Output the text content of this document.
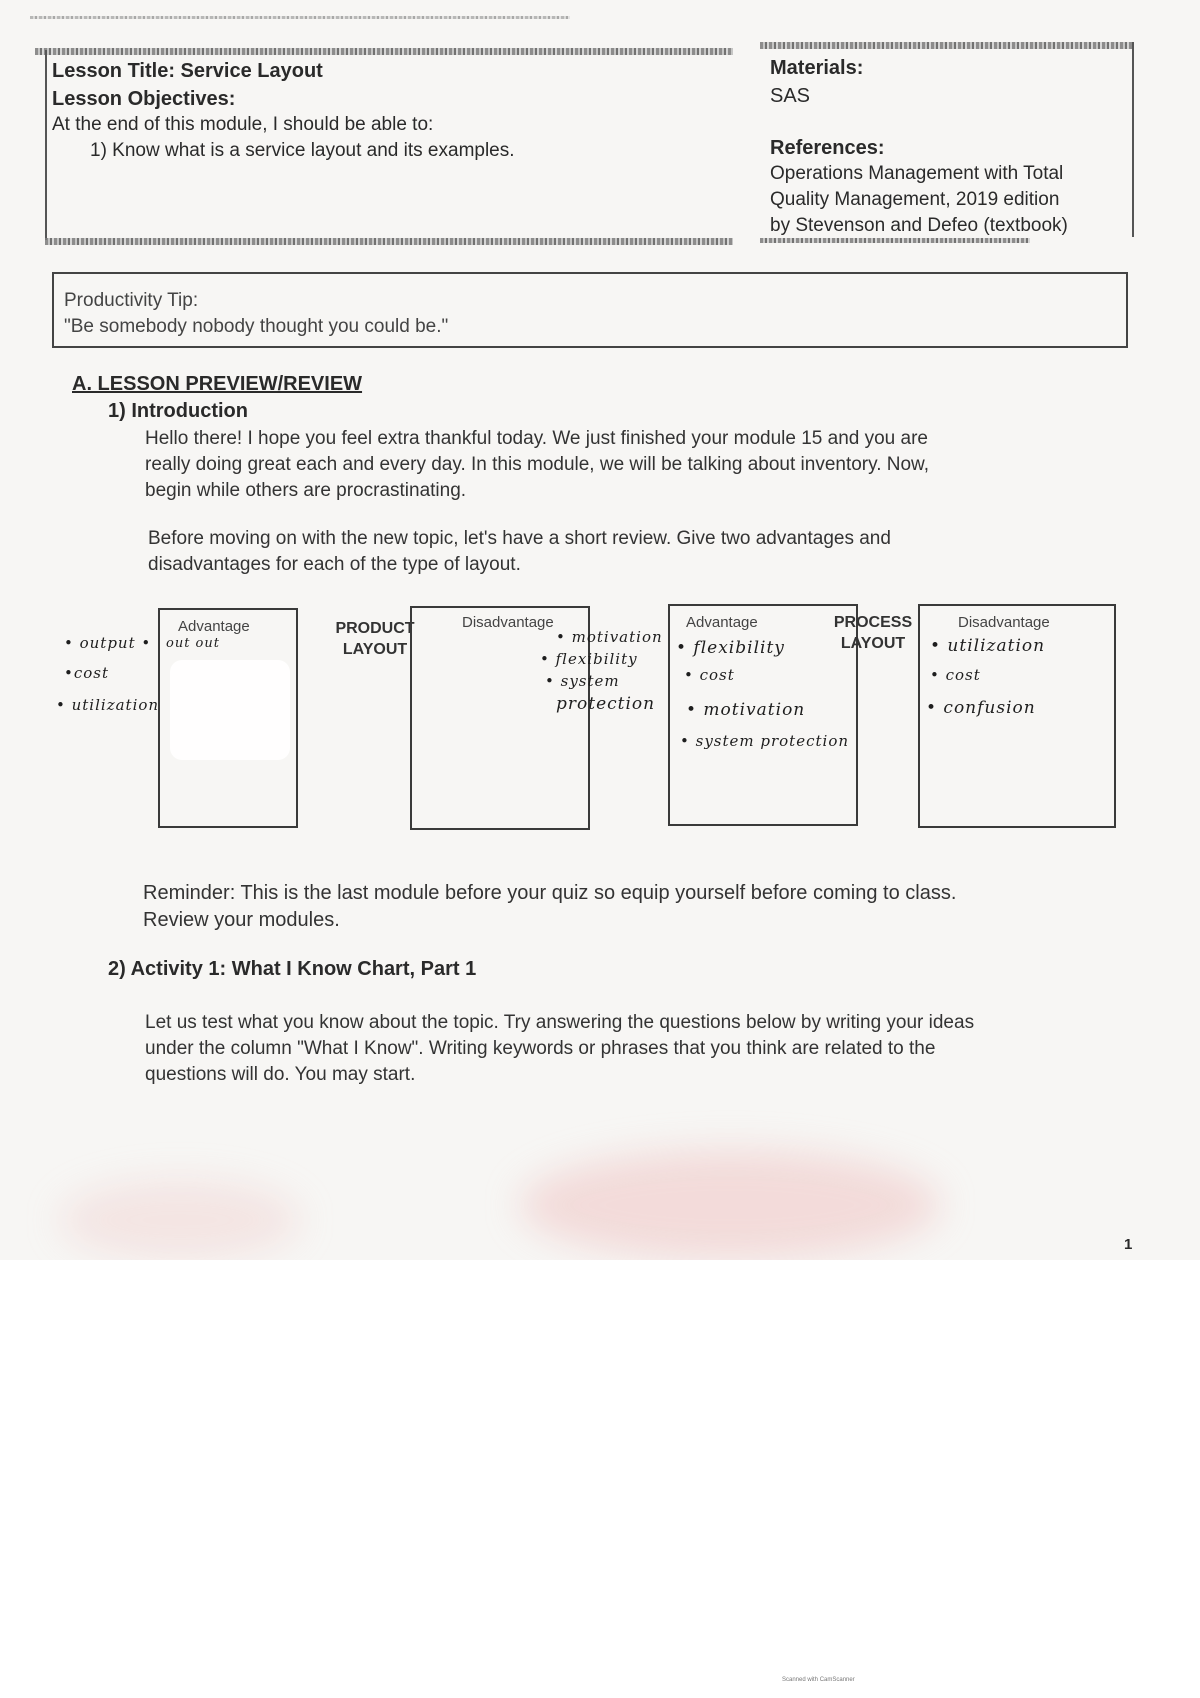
Lesson Title: Service Layout
Lesson Objectives:
At the end of this module, I should be able to:
1) Know what is a service layout and its examples.
Materials:
SAS
References:
Operations Management with Total
Quality Management, 2019 edition
by Stevenson and Defeo (textbook)
Productivity Tip:
"Be somebody nobody thought you could be."
A. LESSON PREVIEW/REVIEW
1) Introduction
Hello there! I hope you feel extra thankful today. We just finished your module 15 and you are
really doing great each and every day. In this module, we will be talking about inventory. Now,
begin while others are procrastinating.
Before moving on with the new topic, let's have a short review. Give two advantages and
disadvantages for each of the type of layout.
Advantage
out out
PRODUCT
LAYOUT
Disadvantage
• output •
•cost
• utilization
• motivation
• flexibility
• system
protection
Advantage
• flexibility
• cost
• motivation
• system protection
PROCESS
LAYOUT
Disadvantage
• utilization
• cost
• confusion
Reminder: This is the last module before your quiz so equip yourself before coming to class.
Review your modules.
2) Activity 1: What I Know Chart, Part 1
Let us test what you know about the topic. Try answering the questions below by writing your ideas
under the column "What I Know". Writing keywords or phrases that you think are related to the
questions will do. You may start.
1
Scanned with CamScanner
